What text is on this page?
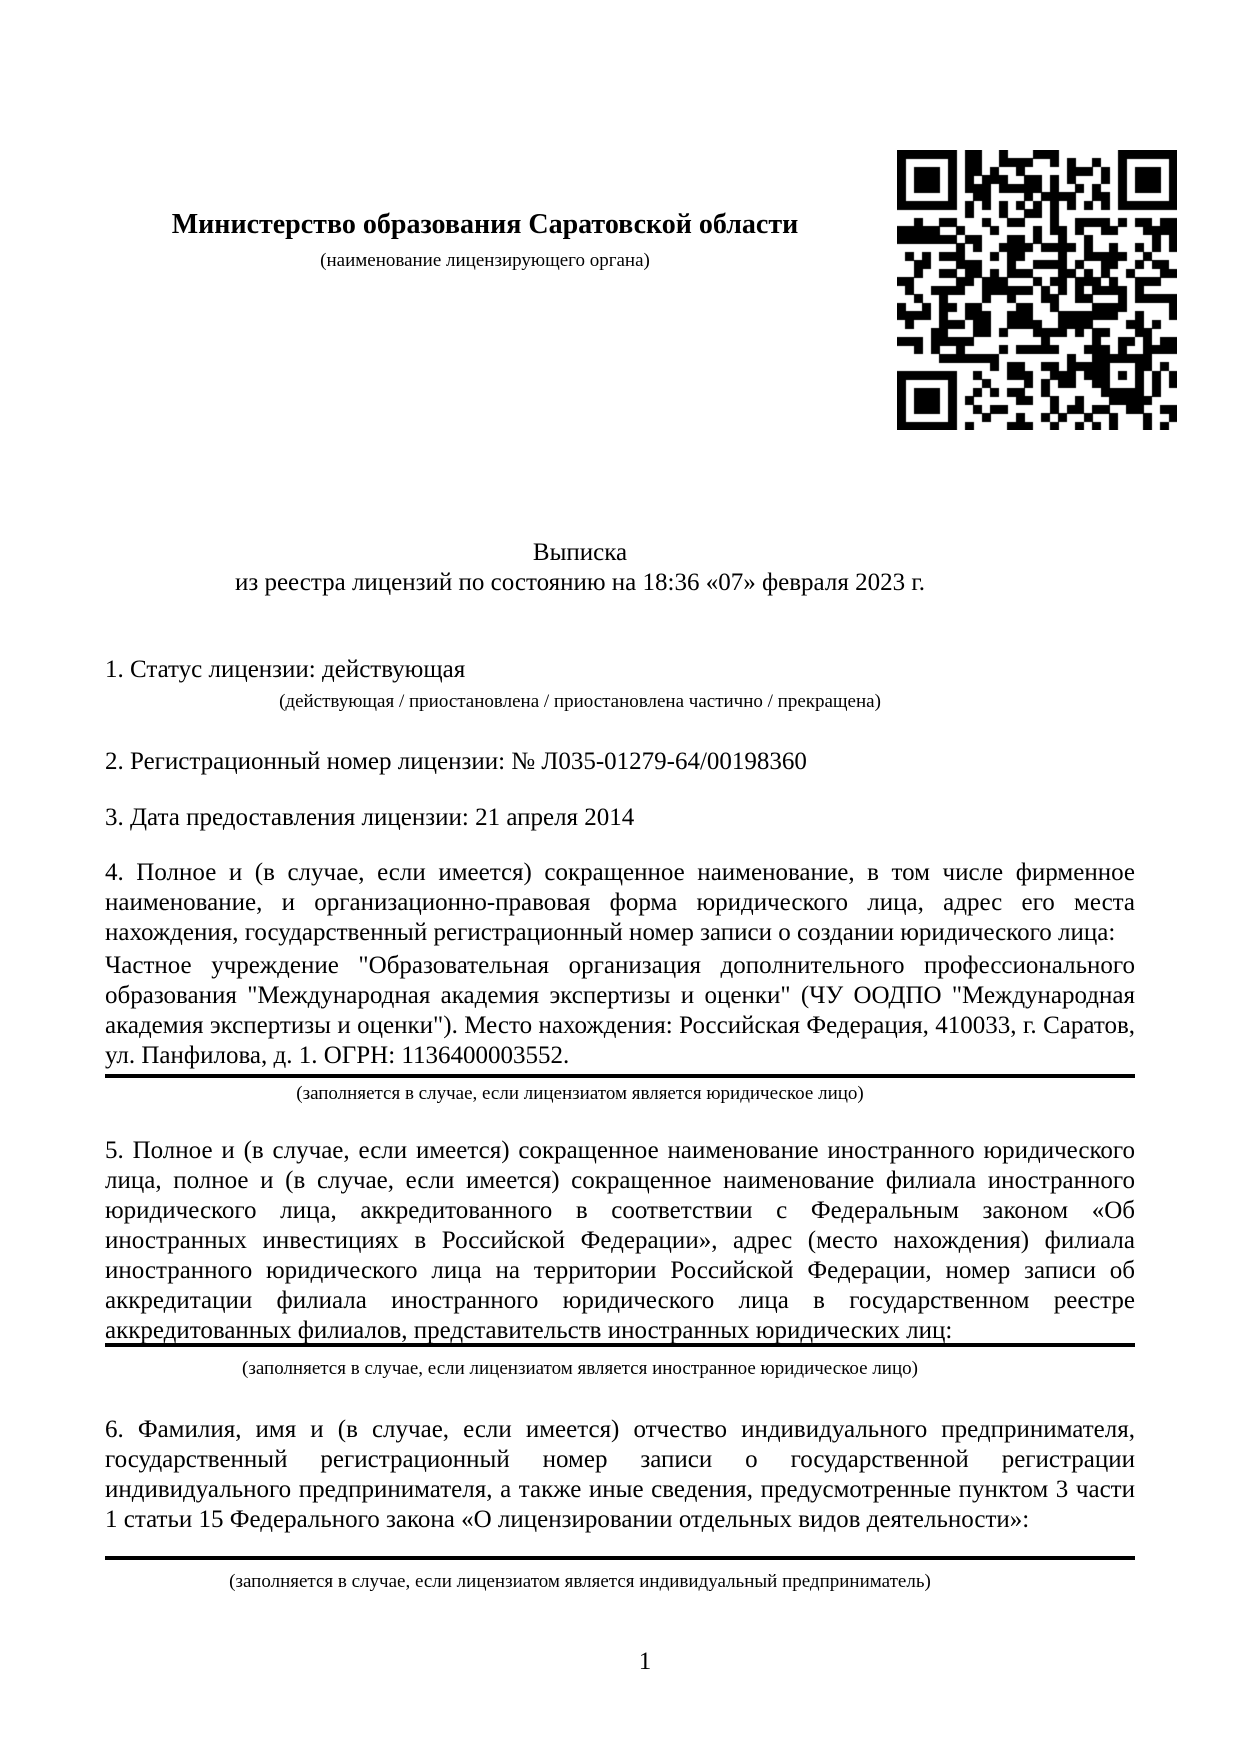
Министерство образования Саратовской области
(наименование лицензирующего органа)
Выписка
из реестра лицензий по состоянию на 18:36 «07» февраля 2023 г.
1. Статус лицензии: действующая
(действующая / приостановлена / приостановлена частично / прекращена)
2. Регистрационный номер лицензии: № Л035-01279-64/00198360
3. Дата предоставления лицензии: 21 апреля 2014
4. Полное и (в случае, если имеется) сокращенное наименование, в том числе фирменное наименование, и организационно-правовая форма юридического лица, адрес его места нахождения, государственный регистрационный номер записи о создании юридического лица:
Частное учреждение "Образовательная организация дополнительного профессионального образования "Международная академия экспертизы и оценки" (ЧУ ООДПО "Международная академия экспертизы и оценки"). Место нахождения: Российская Федерация, 410033, г. Саратов, ул. Панфилова, д. 1. ОГРН: 1136400003552.
(заполняется в случае, если лицензиатом является юридическое лицо)
5. Полное и (в случае, если имеется) сокращенное наименование иностранного юридического лица, полное и (в случае, если имеется) сокращенное наименование филиала иностранного юридического лица, аккредитованного в соответствии с Федеральным законом «Об иностранных инвестициях в Российской Федерации», адрес (место нахождения) филиала иностранного юридического лица на территории Российской Федерации, номер записи об аккредитации филиала иностранного юридического лица в государственном реестре аккредитованных филиалов, представительств иностранных юридических лиц:
(заполняется в случае, если лицензиатом является иностранное юридическое лицо)
6. Фамилия, имя и (в случае, если имеется) отчество индивидуального предпринимателя, государственный регистрационный номер записи о государственной регистрации индивидуального предпринимателя, а также иные сведения, предусмотренные пунктом 3 части 1 статьи 15 Федерального закона «О лицензировании отдельных видов деятельности»:
(заполняется в случае, если лицензиатом является индивидуальный предприниматель)
1
